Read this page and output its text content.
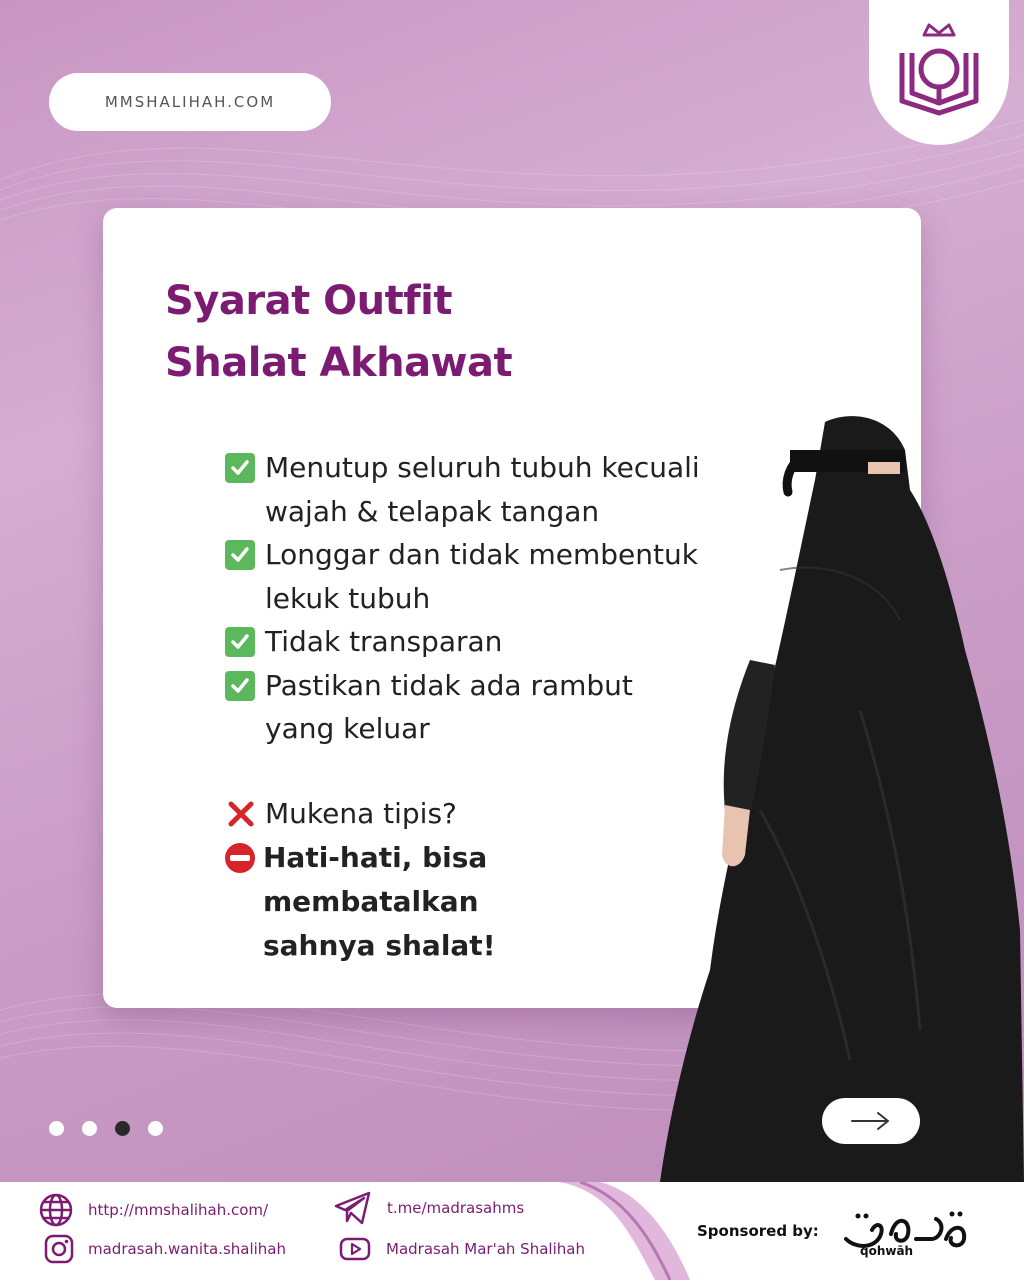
MMSHALIHAH.COM
Syarat Outfit
Shalat Akhawat
Menutup seluruh tubuh kecuali
wajah & telapak tangan
Longgar dan tidak membentuk
lekuk tubuh
Tidak transparan
Pastikan tidak ada rambut
yang keluar
Mukena tipis?
Hati-hati, bisa
membatalkan
sahnya shalat!
http://mmshalihah.com/
madrasah.wanita.shalihah
t.me/madrasahms
Madrasah Mar'ah Shalihah
Sponsored by:
qohwāh
